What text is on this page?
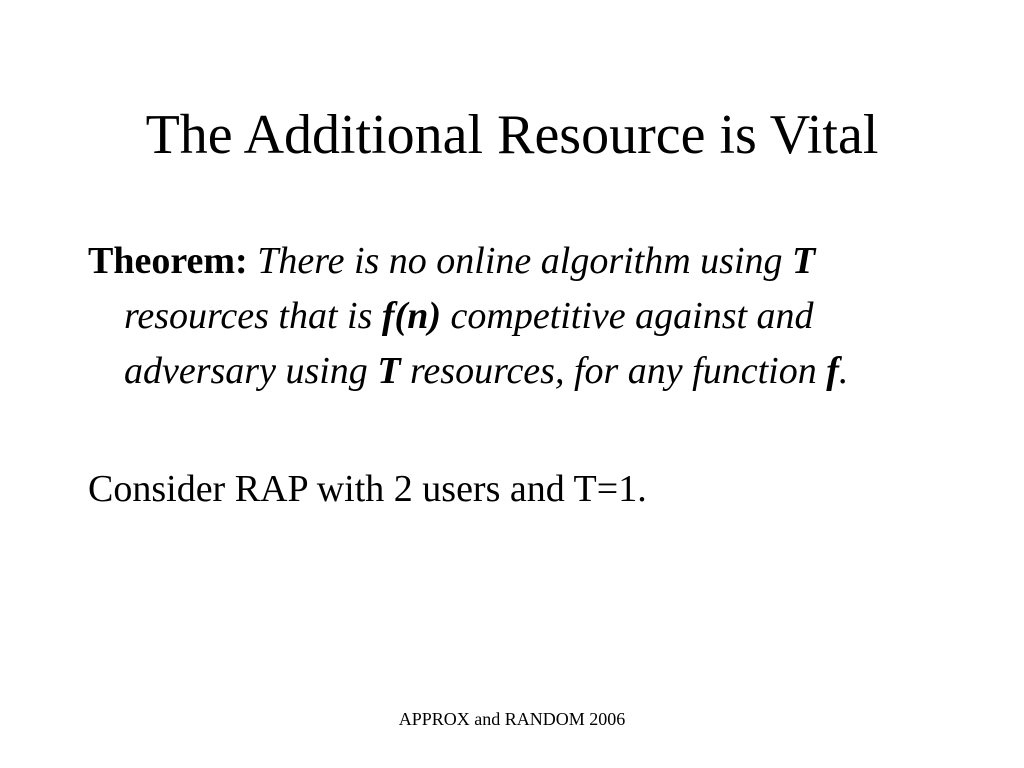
The Additional Resource is Vital

Theorem: There is no online algorithm using T resources that is f(n) competitive against and adversary using T resources, for any function f.

Consider RAP with 2 users and T=1.

APPROX and RANDOM 2006
